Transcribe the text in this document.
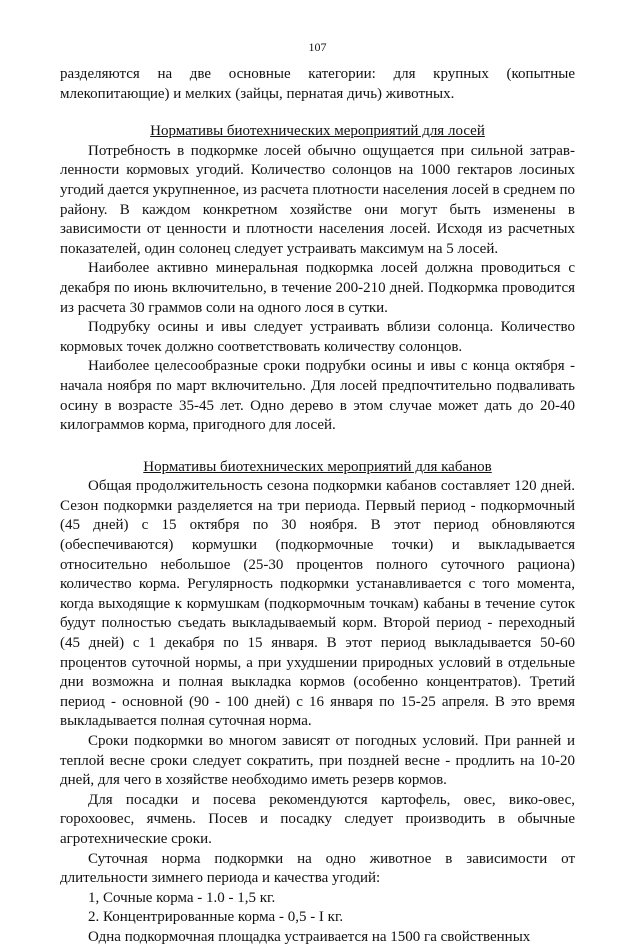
107

разделяются на две основные категории: для крупных (копытные млекопитающие) и мелких (зайцы, пернатая дичь) животных.

Нормативы биотехнических мероприятий для лосей

Потребность в подкормке лосей обычно ощущается при сильной затрав-ленности кормовых угодий. Количество солонцов на 1000 гектаров лосиных угодий дается укрупненное, из расчета плотности населения лосей в среднем по району. В каждом конкретном хозяйстве они могут быть изменены в зависимости от ценности и плотности населения лосей. Исходя из расчетных показателей, один солонец следует устраивать максимум на 5 лосей.

Наиболее активно минеральная подкормка лосей должна проводиться с декабря по июнь включительно, в течение 200-210 дней. Подкормка проводится из расчета 30 граммов соли на одного лося в сутки.

Подрубку осины и ивы следует устраивать вблизи солонца. Количество кормовых точек должно соответствовать количеству солонцов.

Наиболее целесообразные сроки подрубки осины и ивы с конца октября - начала ноября по март включительно. Для лосей предпочтительно подваливать осину в возрасте 35-45 лет. Одно дерево в этом случае может дать до 20-40 килограммов корма, пригодного для лосей.

Нормативы биотехнических мероприятий для кабанов

Общая продолжительность сезона подкормки кабанов составляет 120 дней. Сезон подкормки разделяется на три периода. Первый период - подкормочный (45 дней) с 15 октября по 30 ноября. В этот период обновляются (обеспечиваются) кормушки (подкормочные точки) и выкладывается относительно небольшое (25-30 процентов полного суточного рациона) количество корма. Регулярность подкормки устанавливается с того момента, когда выходящие к кормушкам (подкормочным точкам) кабаны в течение суток будут полностью съедать выкладываемый корм. Второй период - переходный (45 дней) с 1 декабря по 15 января. В этот период выкладывается 50-60 процентов суточной нормы, а при ухудшении природных условий в отдельные дни возможна и полная выкладка кормов (особенно концентратов). Третий период - основной (90 - 100 дней) с 16 января по 15-25 апреля. В это время выкладывается полная суточная норма.

Сроки подкормки во многом зависят от погодных условий. При ранней и теплой весне сроки следует сократить, при поздней весне - продлить на 10-20 дней, для чего в хозяйстве необходимо иметь резерв кормов.

Для посадки и посева рекомендуются картофель, овес, вико-овес, горохоовес, ячмень. Посев и посадку следует производить в обычные агротехнические сроки.

Суточная норма подкормки на одно животное в зависимости от длительности зимнего периода и качества угодий:

1, Сочные корма - 1.0 - 1,5 кг.

2. Концентрированные корма - 0,5 - I кг.

Одна подкормочная площадка устраивается на 1500 га свойственных
